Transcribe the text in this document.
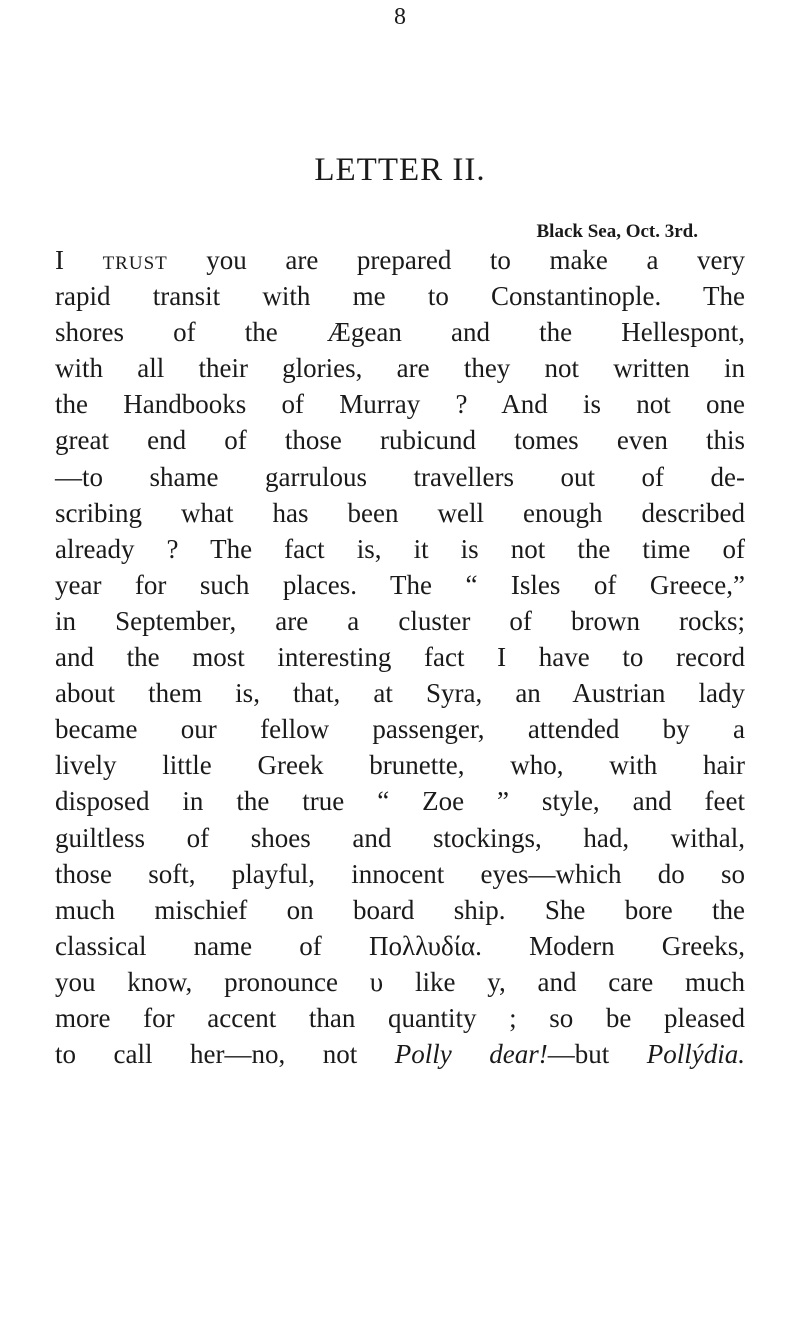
8
LETTER II.
Black Sea, Oct. 3rd.
I trust you are prepared to make a very
rapid transit with me to Constantinople. The
shores of the Ægean and the Hellespont,
with all their glories, are they not written in
the Handbooks of Murray ? And is not one
great end of those rubicund tomes even this
—to shame garrulous travellers out of de-
scribing what has been well enough described
already ? The fact is, it is not the time of
year for such places. The “ Isles of Greece,”
in September, are a cluster of brown rocks;
and the most interesting fact I have to record
about them is, that, at Syra, an Austrian lady
became our fellow passenger, attended by a
lively little Greek brunette, who, with hair
disposed in the true “ Zoe ” style, and feet
guiltless of shoes and stockings, had, withal,
those soft, playful, innocent eyes—which do so
much mischief on board ship. She bore the
classical name of Πολλυδία. Modern Greeks,
you know, pronounce υ like y, and care much
more for accent than quantity ; so be pleased
to call her—no, not Polly dear!—but Pollýdia.
